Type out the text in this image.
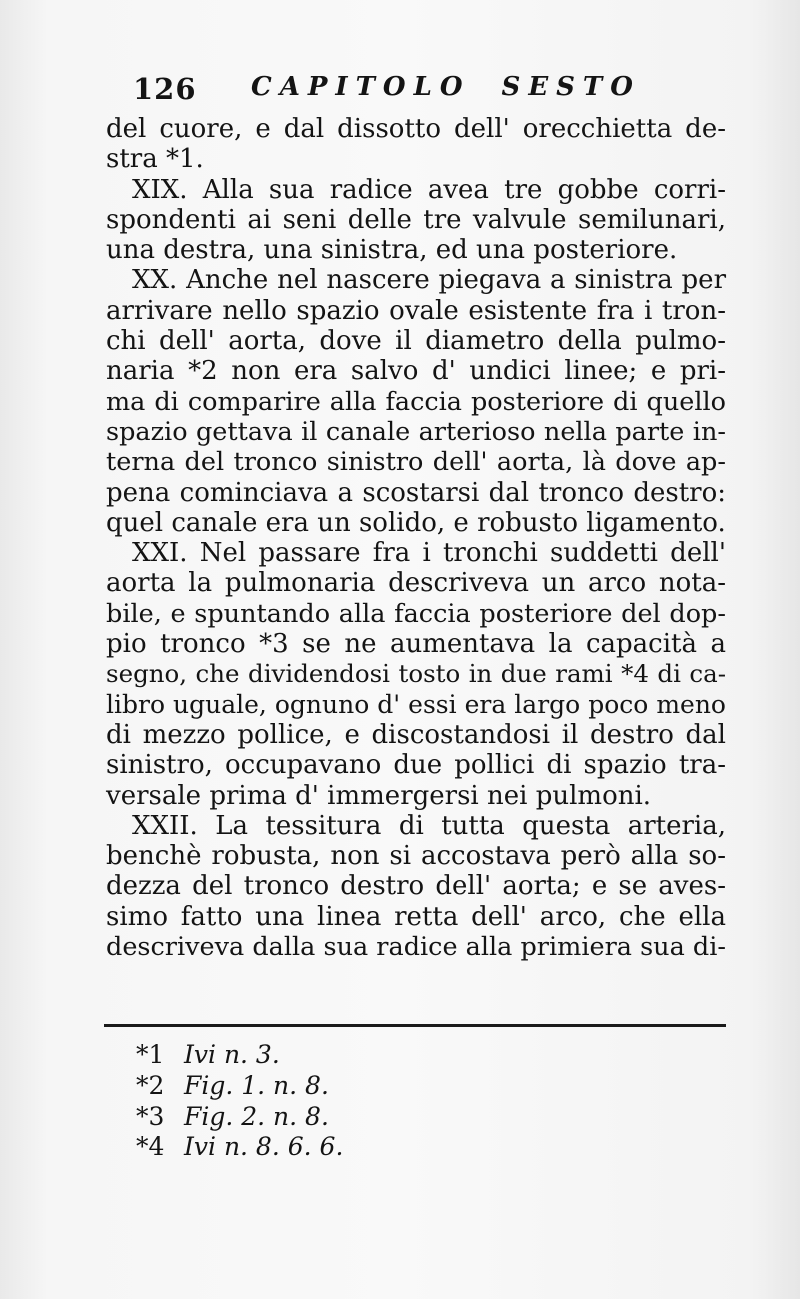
126 CAPITOLO SESTO
del cuore, e dal dissotto dell' orecchietta de-
stra *1.
XIX. Alla sua radice avea tre gobbe corri-
spondenti ai seni delle tre valvule semilunari,
una destra, una sinistra, ed una posteriore.
XX. Anche nel nascere piegava a sinistra per
arrivare nello spazio ovale esistente fra i tron-
chi dell' aorta, dove il diametro della pulmo-
naria *2 non era salvo d' undici linee; e pri-
ma di comparire alla faccia posteriore di quello
spazio gettava il canale arterioso nella parte in-
terna del tronco sinistro dell' aorta, là dove ap-
pena cominciava a scostarsi dal tronco destro:
quel canale era un solido, e robusto ligamento.
XXI. Nel passare fra i tronchi suddetti dell'
aorta la pulmonaria descriveva un arco nota-
bile, e spuntando alla faccia posteriore del dop-
pio tronco *3 se ne aumentava la capacità a
segno, che dividendosi tosto in due rami *4 di ca-
libro uguale, ognuno d' essi era largo poco meno
di mezzo pollice, e discostandosi il destro dal
sinistro, occupavano due pollici di spazio tra-
versale prima d' immergersi nei pulmoni.
XXII. La tessitura di tutta questa arteria,
benchè robusta, non si accostava però alla so-
dezza del tronco destro dell' aorta; e se aves-
simo fatto una linea retta dell' arco, che ella
descriveva dalla sua radice alla primiera sua di-
*1 Ivi n. 3.
*2 Fig. 1. n. 8.
*3 Fig. 2. n. 8.
*4 Ivi n. 8. 6. 6.
